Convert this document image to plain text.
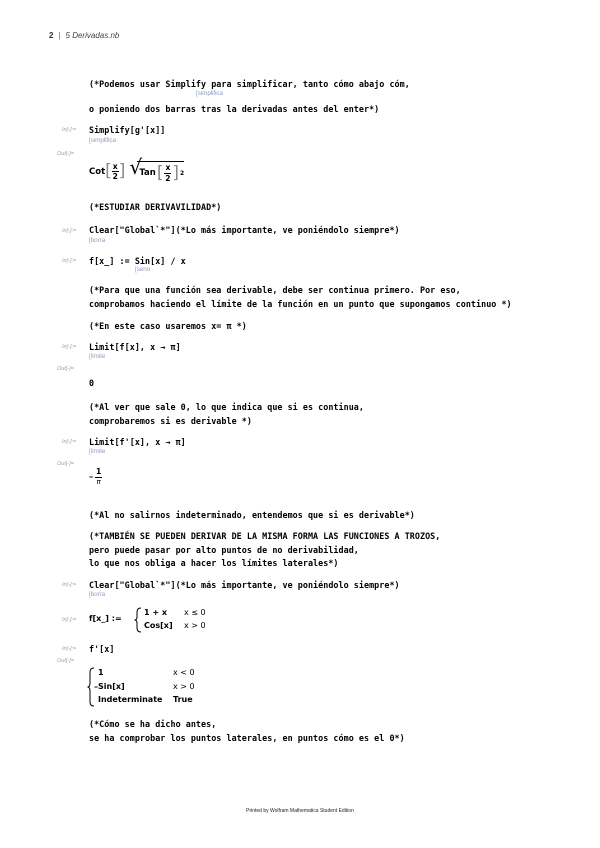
2 | 5 Derivadas.nb
(*Podemos usar Simplify para simplificar, tanto cómo abajo cóm,
[simplifica
o poniendo dos barras tras la derivadas antes del enter*)
In[-]:= Simplify[g'[x]]
[simplifica
Out[-]=
Cot [ $\frac{x}{2}$ ] √
Tan [ $\frac{x}{2}$ ] 2
(*ESTUDIAR DERIVAVILIDAD*)
In[-]:= Clear["Global`*"](*Lo más importante, ve poniéndolo siempre*)
[borra
In[-]:= f[x_] := Sin[x] / x
[seno
(*Para que una función sea derivable, debe ser continua primero. Por eso,
comprobamos haciendo el límite de la función en un punto que supongamos continuo *)
(*En este caso usaremos x= π *)
In[-]:= Limit[f[x], x → π]
[límite
Out[-]=
0
(*Al ver que sale 0, lo que indica que si es continua,
comprobaremos si es derivable *)
In[-]:= Limit[f'[x], x → π]
[límite
Out[-]=
– $\frac{1}{\pi}$
(*Al no salirnos indeterminado, entendemos que si es derivable*)
(*TAMBIÉN SE PUEDEN DERIVAR DE LA MISMA FORMA LAS FUNCIONES A TROZOS,
pero puede pasar por alto puntos de no derivabilidad,
lo que nos obliga a hacer los límites laterales*)
In[-]:= Clear["Global`*"](*Lo más importante, ve poniéndolo siempre*)
[borra
In[-]:= f[x_] :=
1 + x x ≤ 0
Cos[x] x > 0
In[-]:= f'[x]
Out[-]=
1	x < 0
–Sin[x]	x > 0
Indeterminate True
(*Cómo se ha dicho antes,
se ha comprobar los puntos laterales, en puntos cómo es el 0*)
Printed by Wolfram Mathematica Student Edition
